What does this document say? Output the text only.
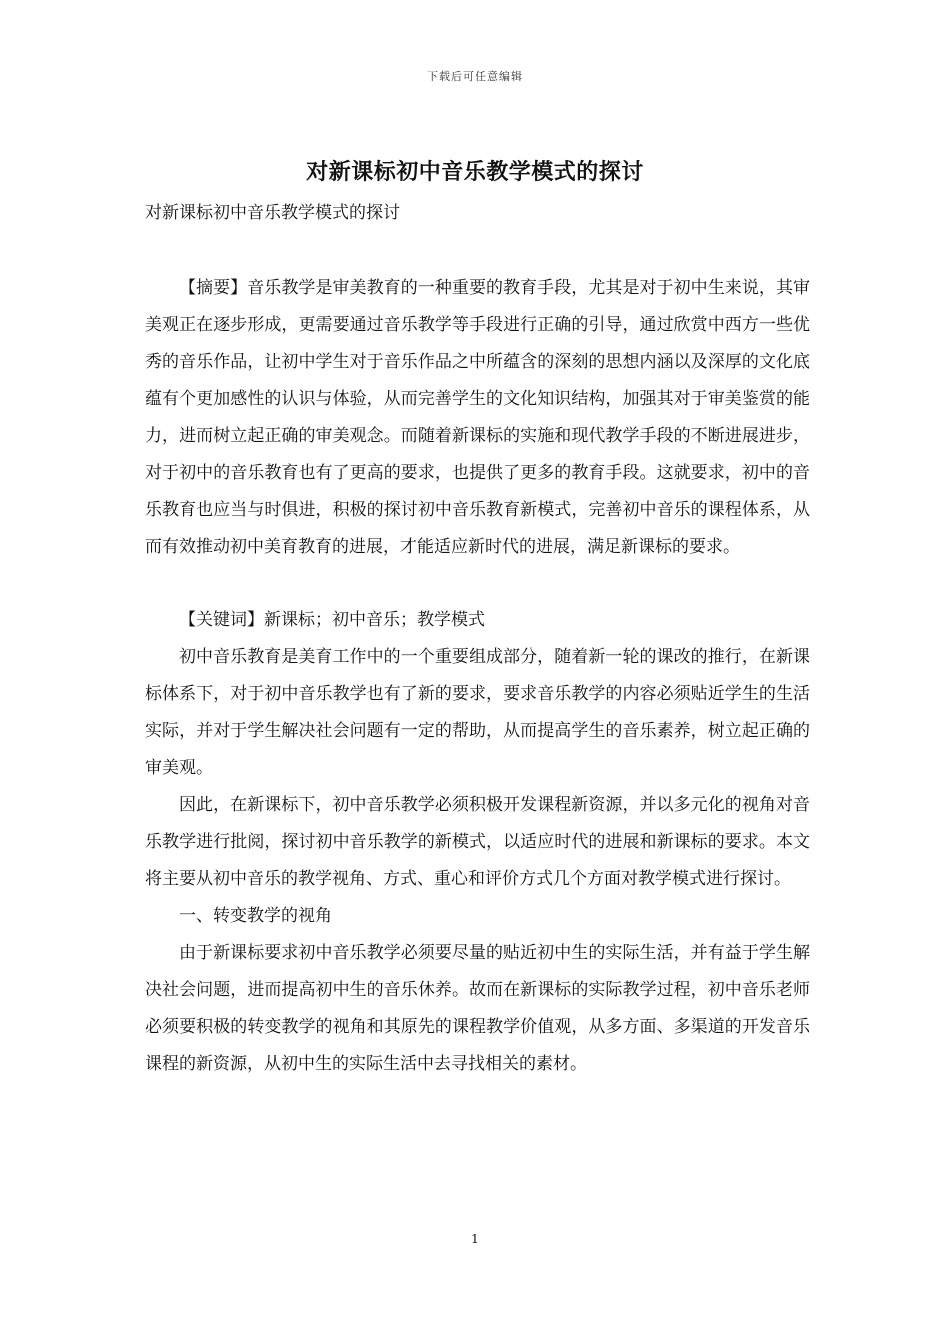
下载后可任意编辑
对新课标初中音乐教学模式的探讨

对新课标初中音乐教学模式的探讨

【摘要】音乐教学是审美教育的一种重要的教育手段，尤其是对于初中生来说，其审美观正在逐步形成，更需要通过音乐教学等手段进行正确的引导，通过欣赏中西方一些优秀的音乐作品，让初中学生对于音乐作品之中所蕴含的深刻的思想内涵以及深厚的文化底蕴有个更加感性的认识与体验，从而完善学生的文化知识结构，加强其对于审美鉴赏的能力，进而树立起正确的审美观念。而随着新课标的实施和现代教学手段的不断进展进步，对于初中的音乐教育也有了更高的要求，也提供了更多的教育手段。这就要求，初中的音乐教育也应当与时俱进，积极的探讨初中音乐教育新模式，完善初中音乐的课程体系，从而有效推动初中美育教育的进展，才能适应新时代的进展，满足新课标的要求。

【关键词】新课标；初中音乐；教学模式

初中音乐教育是美育工作中的一个重要组成部分，随着新一轮的课改的推行，在新课标体系下，对于初中音乐教学也有了新的要求，要求音乐教学的内容必须贴近学生的生活实际，并对于学生解决社会问题有一定的帮助，从而提高学生的音乐素养，树立起正确的审美观。

因此，在新课标下，初中音乐教学必须积极开发课程新资源，并以多元化的视角对音乐教学进行批阅，探讨初中音乐教学的新模式，以适应时代的进展和新课标的要求。本文将主要从初中音乐的教学视角、方式、重心和评价方式几个方面对教学模式进行探讨。

一、转变教学的视角

由于新课标要求初中音乐教学必须要尽量的贴近初中生的实际生活，并有益于学生解决社会问题，进而提高初中生的音乐休养。故而在新课标的实际教学过程，初中音乐老师必须要积极的转变教学的视角和其原先的课程教学价值观，从多方面、多渠道的开发音乐课程的新资源，从初中生的实际生活中去寻找相关的素材。

1
